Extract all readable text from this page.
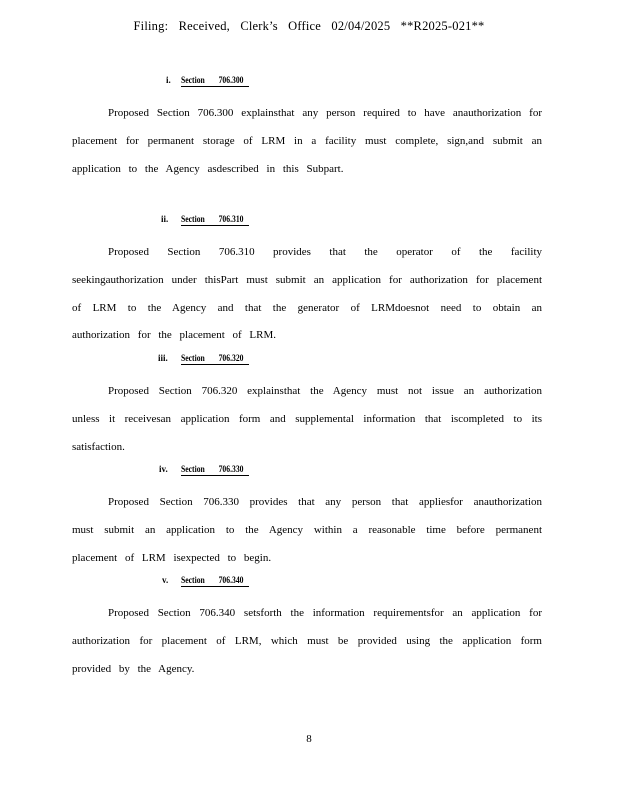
Filing: Received, Clerk’s Office 02/04/2025 **R2025-021**
i. Section 706.300

Proposed Section 706.300 explainsthat any person required to have anauthorization for placement for permanent storage of LRM in a facility must complete, sign,and submit an application to the Agency asdescribed in this Subpart.

ii. Section 706.310

Proposed Section 706.310 provides that the operator of the facility seekingauthorization under thisPart must submit an application for authorization for placement of LRM to the Agency and that the generator of LRMdoesnot need to obtain an authorization for the placement of LRM.

iii. Section 706.320

Proposed Section 706.320 explainsthat the Agency must not issue an authorization unless it receivesan application form and supplemental information that iscompleted to its satisfaction.

iv. Section 706.330

Proposed Section 706.330 provides that any person that appliesfor anauthorization must submit an application to the Agency within a reasonable time before permanent placement of LRM isexpected to begin.

v. Section 706.340

Proposed Section 706.340 setsforth the information requirementsfor an application for authorization for placement of LRM, which must be provided using the application form provided by the Agency.

8
